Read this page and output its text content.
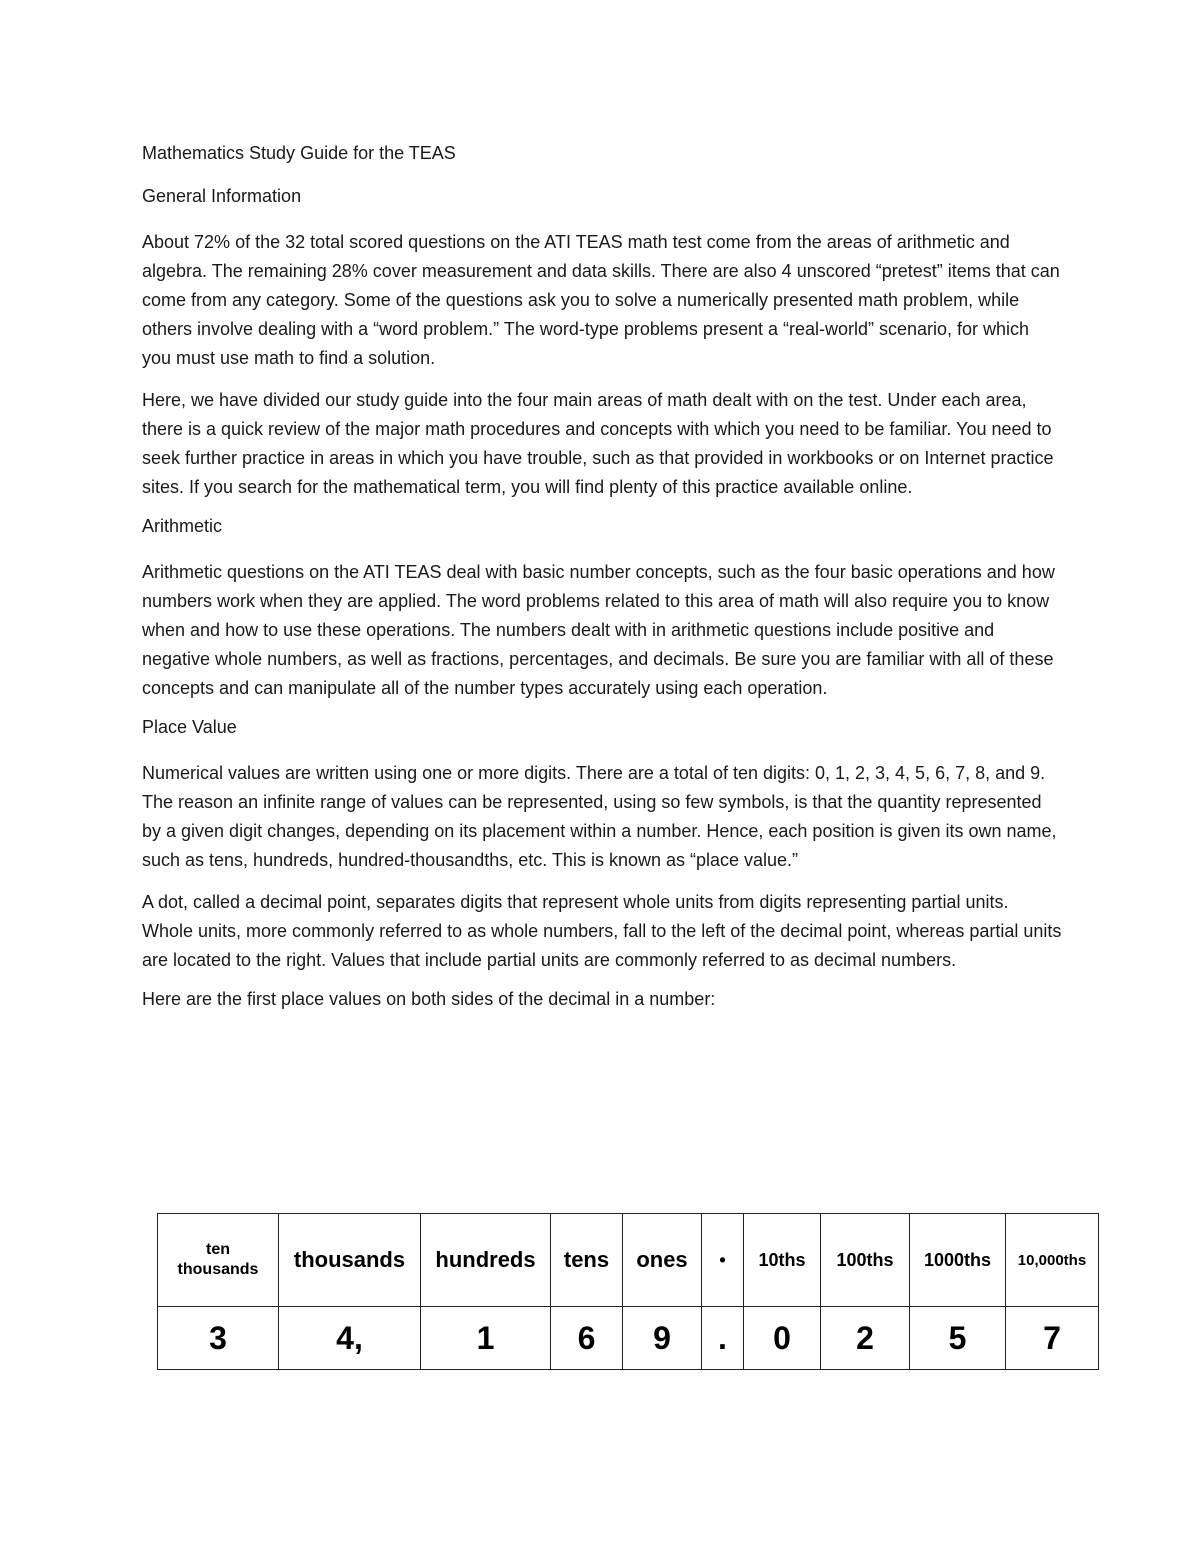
Mathematics Study Guide for the TEAS
General Information

About 72% of the 32 total scored questions on the ATI TEAS math test come from the areas of arithmetic and algebra. The remaining 28% cover measurement and data skills. There are also 4 unscored “pretest” items that can come from any category. Some of the questions ask you to solve a numerically presented math problem, while others involve dealing with a “word problem.” The word-type problems present a “real-world” scenario, for which you must use math to find a solution.

Here, we have divided our study guide into the four main areas of math dealt with on the test. Under each area, there is a quick review of the major math procedures and concepts with which you need to be familiar. You need to seek further practice in areas in which you have trouble, such as that provided in workbooks or on Internet practice sites. If you search for the mathematical term, you will find plenty of this practice available online.

Arithmetic

Arithmetic questions on the ATI TEAS deal with basic number concepts, such as the four basic operations and how numbers work when they are applied. The word problems related to this area of math will also require you to know when and how to use these operations. The numbers dealt with in arithmetic questions include positive and negative whole numbers, as well as fractions, percentages, and decimals. Be sure you are familiar with all of these concepts and can manipulate all of the number types accurately using each operation.

Place Value

Numerical values are written using one or more digits. There are a total of ten digits: 0, 1, 2, 3, 4, 5, 6, 7, 8, and 9. The reason an infinite range of values can be represented, using so few symbols, is that the quantity represented by a given digit changes, depending on its placement within a number. Hence, each position is given its own name, such as tens, hundreds, hundred-thousandths, etc. This is known as “place value.”

A dot, called a decimal point, separates digits that represent whole units from digits representing partial units. Whole units, more commonly referred to as whole numbers, fall to the left of the decimal point, whereas partial units are located to the right. Values that include partial units are commonly referred to as decimal numbers.

Here are the first place values on both sides of the decimal in a number:
ten
thousands	thousands	hundreds	tens	ones	•	10ths	100ths	1000ths	10,000ths
3	4,	1	6	9	.	0	2	5	7
